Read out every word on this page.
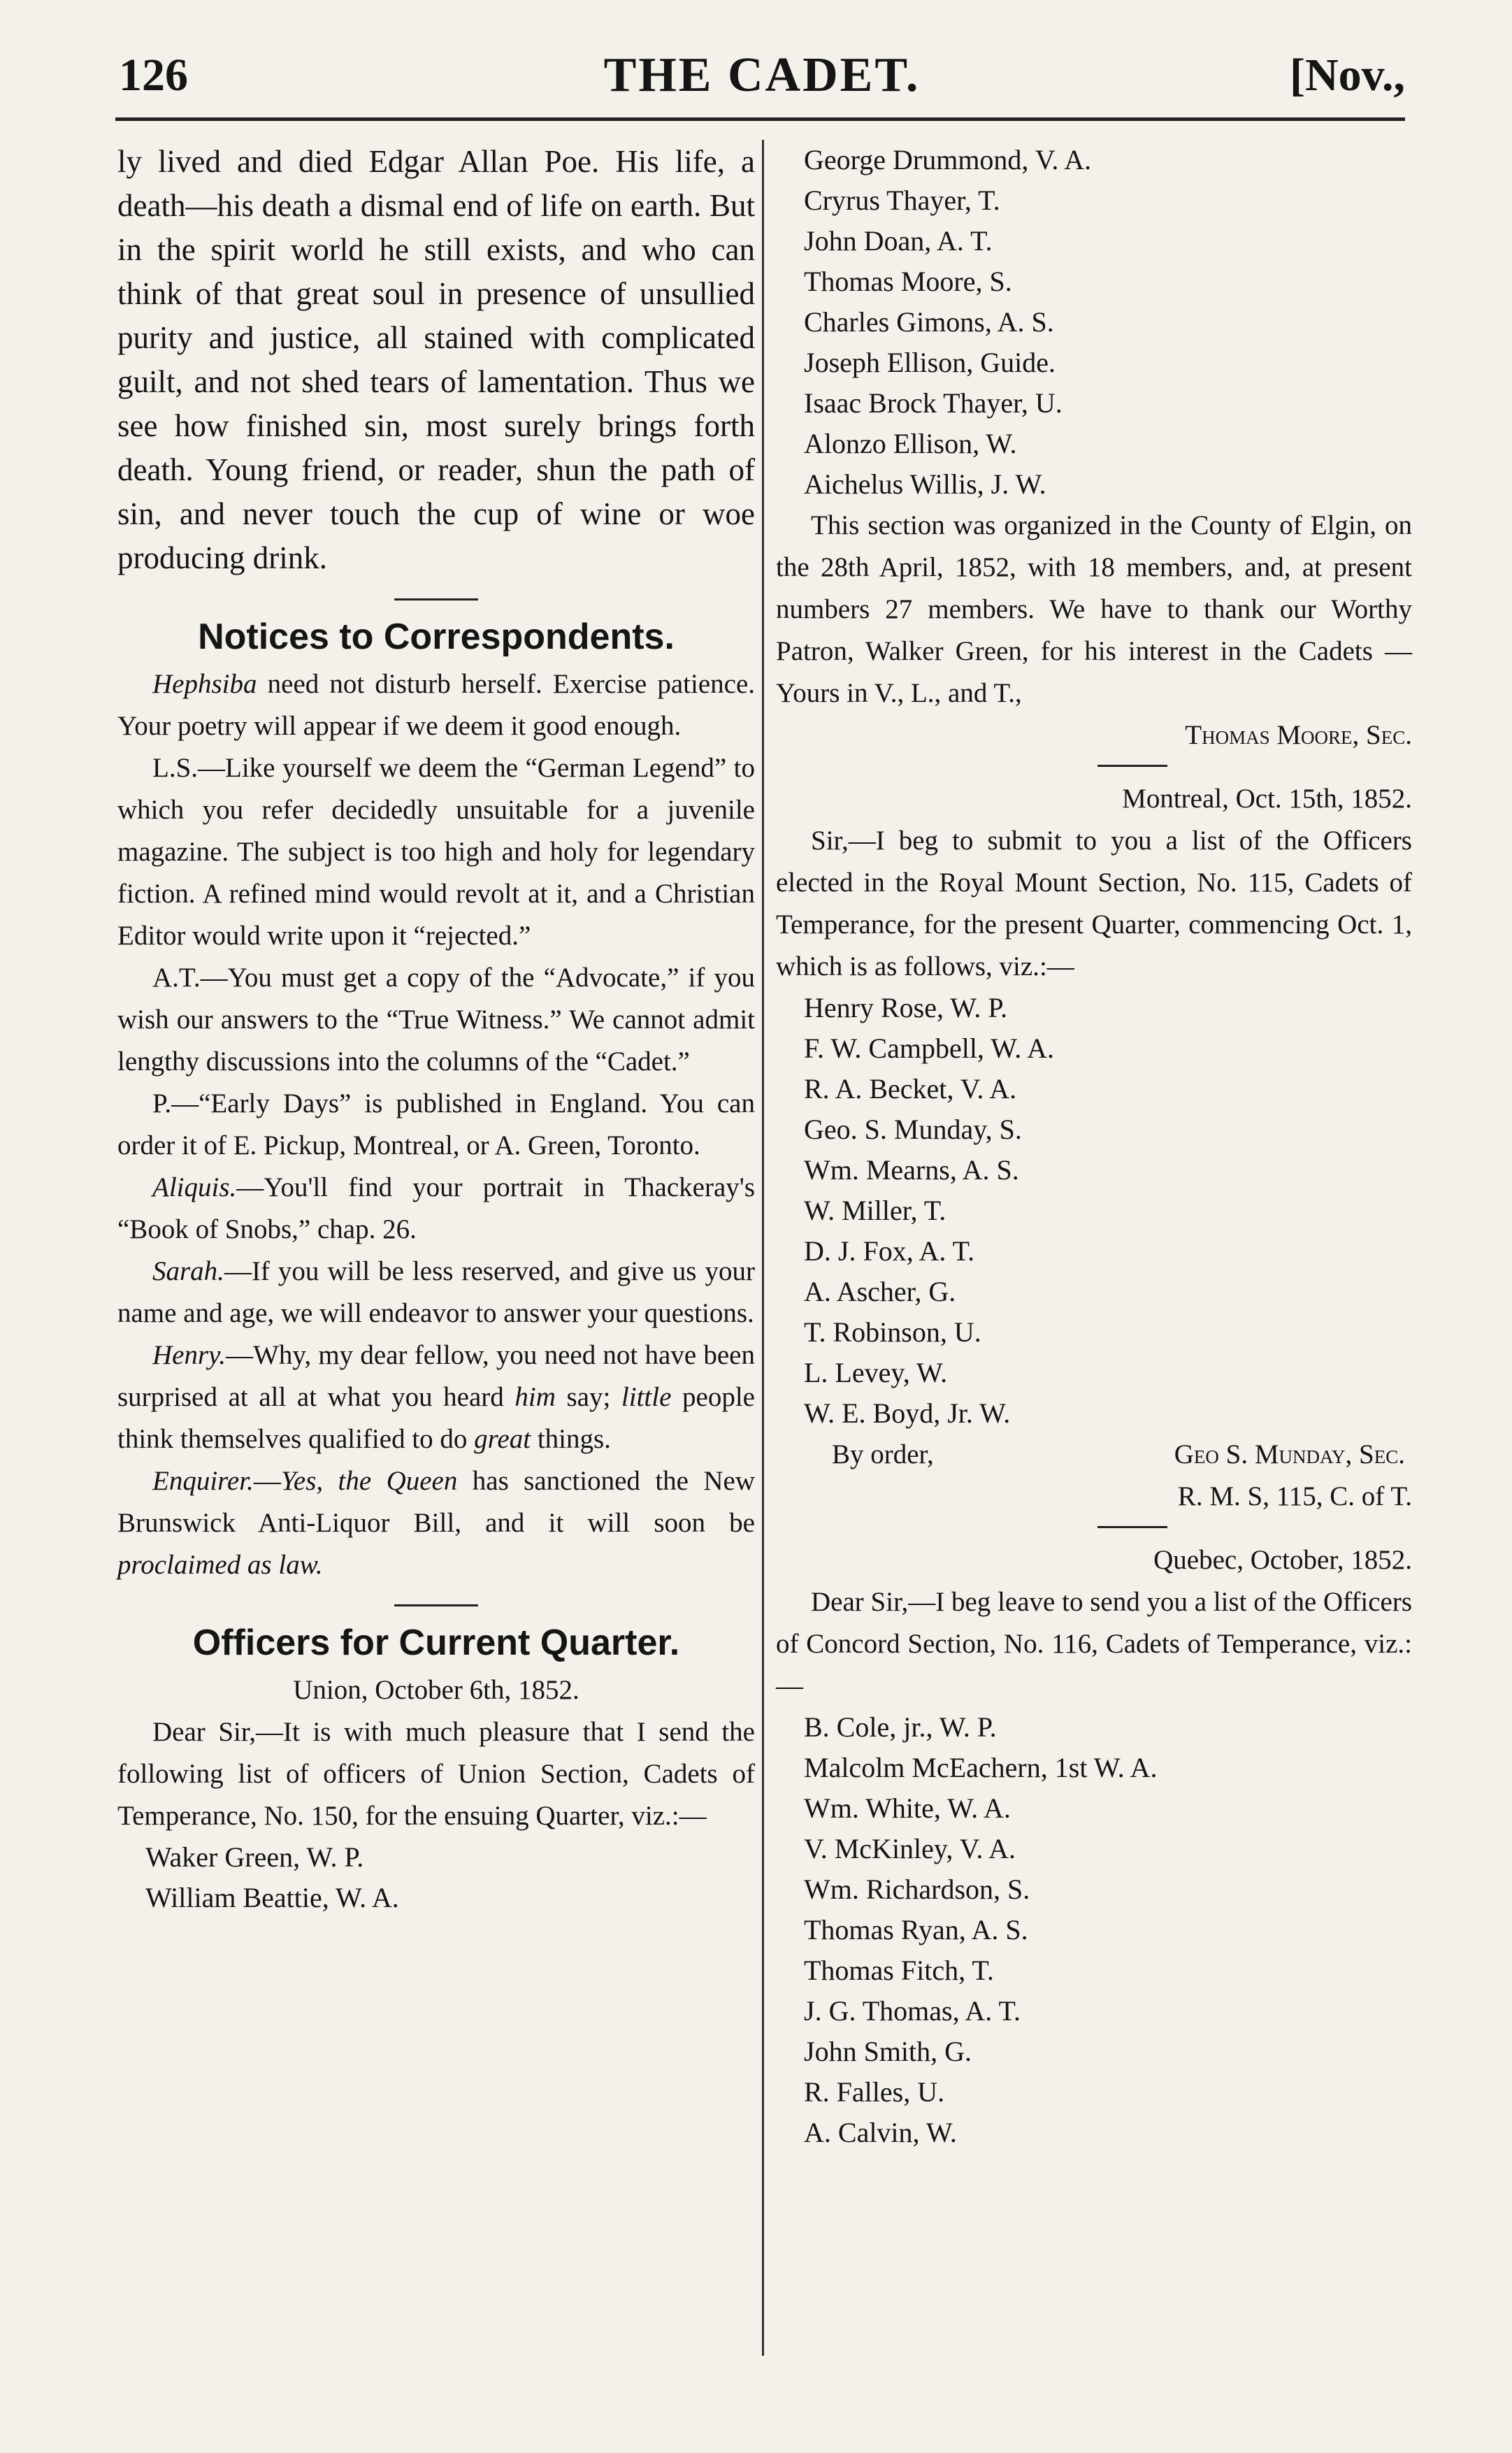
126	THE CADET.	[Nov.,

ly lived and died Edgar Allan Poe. His life, a death—his death a dismal end of life on earth. But in the spirit world he still exists, and who can think of that great soul in presence of unsullied purity and justice, all stained with complicated guilt, and not shed tears of lamentation. Thus we see how finished sin, most surely brings forth death. Young friend, or reader, shun the path of sin, and never touch the cup of wine or woe producing drink.

Notices to Correspondents.

Hephsiba need not disturb herself. Exercise patience. Your poetry will appear if we deem it good enough.

L.S.—Like yourself we deem the “German Legend” to which you refer decidedly unsuitable for a juvenile magazine. The subject is too high and holy for legendary fiction. A refined mind would revolt at it, and a Christian Editor would write upon it “rejected.”

A.T.—You must get a copy of the “Advocate,” if you wish our answers to the “True Witness.” We cannot admit lengthy discussions into the columns of the “Cadet.”

P.—“Early Days” is published in England. You can order it of E. Pickup, Montreal, or A. Green, Toronto.

Aliquis.—You'll find your portrait in Thackeray's “Book of Snobs,” chap. 26.

Sarah.—If you will be less reserved, and give us your name and age, we will endeavor to answer your questions.

Henry.—Why, my dear fellow, you need not have been surprised at all at what you heard him say; little people think themselves qualified to do great things.

Enquirer.—Yes, the Queen has sanctioned the New Brunswick Anti-Liquor Bill, and it will soon be proclaimed as law.

Officers for Current Quarter.

Union, October 6th, 1852.

Dear Sir,—It is with much pleasure that I send the following list of officers of Union Section, Cadets of Temperance, No. 150, for the ensuing Quarter, viz.:—

Waker Green, W. P.
William Beattie, W. A.
George Drummond, V. A.
Cryrus Thayer, T.
John Doan, A. T.
Thomas Moore, S.
Charles Gimons, A. S.
Joseph Ellison, Guide.
Isaac Brock Thayer, U.
Alonzo Ellison, W.
Aichelus Willis, J. W.

This section was organized in the County of Elgin, on the 28th April, 1852, with 18 members, and, at present numbers 27 members. We have to thank our Worthy Patron, Walker Green, for his interest in the Cadets — Yours in V., L., and T.,

Thomas Moore, Sec.

Montreal, Oct. 15th, 1852.

Sir,—I beg to submit to you a list of the Officers elected in the Royal Mount Section, No. 115, Cadets of Temperance, for the present Quarter, commencing Oct. 1, which is as follows, viz.:—

Henry Rose, W. P.
F. W. Campbell, W. A.
R. A. Becket, V. A.
Geo. S. Munday, S.
Wm. Mearns, A. S.
W. Miller, T.
D. J. Fox, A. T.
A. Ascher, G.
T. Robinson, U.
L. Levey, W.
W. E. Boyd, Jr. W.
By order,	Geo S. Munday, Sec.

R. M. S, 115, C. of T.

Quebec, October, 1852.

Dear Sir,—I beg leave to send you a list of the Officers of Concord Section, No. 116, Cadets of Temperance, viz.:—

B. Cole, jr., W. P.
Malcolm McEachern, 1st W. A.
Wm. White, W. A.
V. McKinley, V. A.
Wm. Richardson, S.
Thomas Ryan, A. S.
Thomas Fitch, T.
J. G. Thomas, A. T.
John Smith, G.
R. Falles, U.
A. Calvin, W.
